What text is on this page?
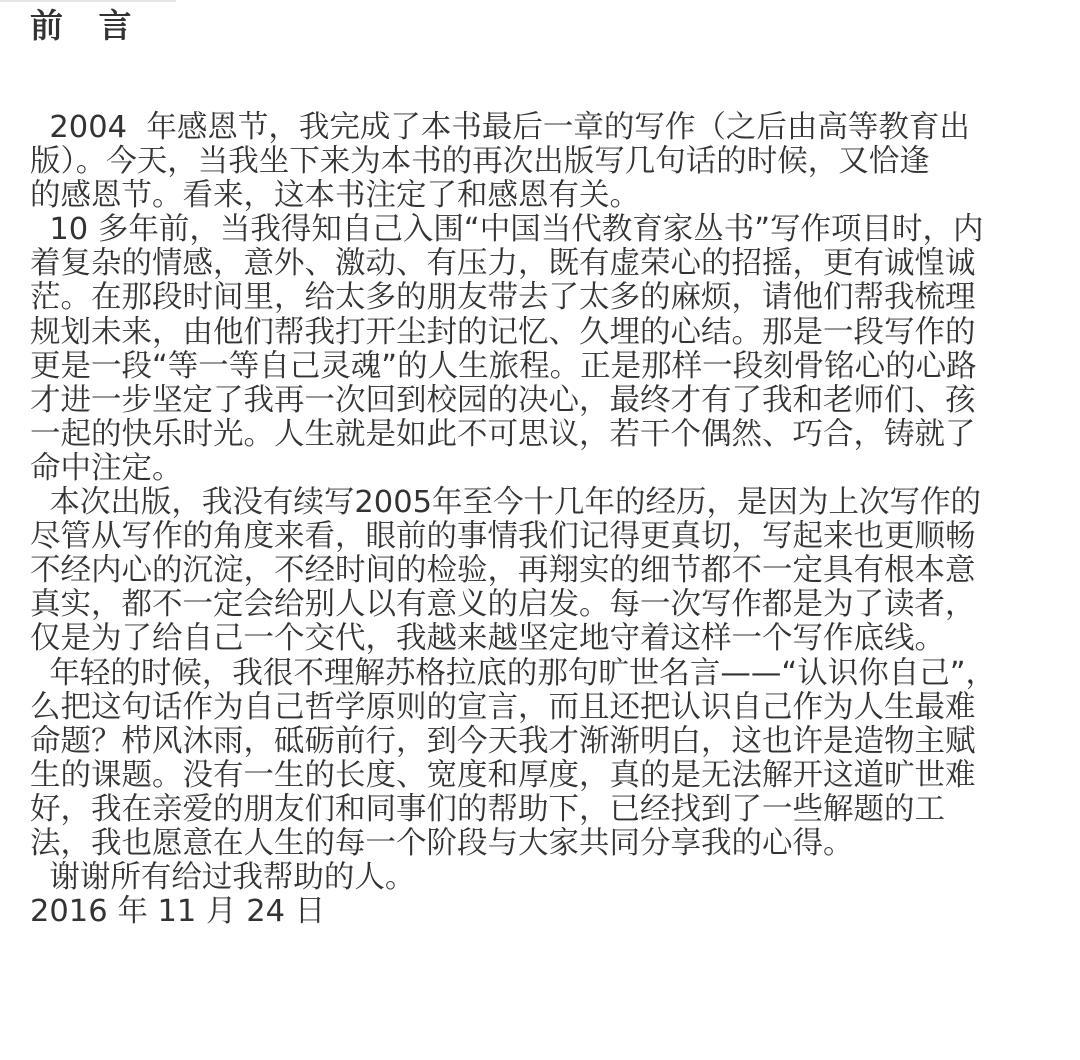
前 言
2004  年感恩节，我完成了本书最后一章的写作（之后由高等教育出
版）。今天，当我坐下来为本书的再次出版写几句话的时候，又恰逢
的感恩节。看来，这本书注定了和感恩有关。
10 多年前，当我得知自己入围“中国当代教育家丛书”写作项目时，内
着复杂的情感，意外、激动、有压力，既有虚荣心的招摇，更有诚惶诚
茫。在那段时间里，给太多的朋友带去了太多的麻烦，请他们帮我梳理
规划未来，由他们帮我打开尘封的记忆、久埋的心结。那是一段写作的
更是一段“等一等自己灵魂”的人生旅程。正是那样一段刻骨铭心的心路
才进一步坚定了我再一次回到校园的决心，最终才有了我和老师们、孩
一起的快乐时光。人生就是如此不可思议，若干个偶然、巧合，铸就了
命中注定。
本次出版，我没有续写2005年至今十几年的经历，是因为上次写作的
尽管从写作的角度来看，眼前的事情我们记得更真切，写起来也更顺畅
不经内心的沉淀，不经时间的检验，再翔实的细节都不一定具有根本意
真实，都不一定会给别人以有意义的启发。每一次写作都是为了读者，
仅是为了给自己一个交代，我越来越坚定地守着这样一个写作底线。
年轻的时候，我很不理解苏格拉底的那句旷世名言——“认识你自己”，
么把这句话作为自己哲学原则的宣言，而且还把认识自己作为人生最难
命题？栉风沐雨，砥砺前行，到今天我才渐渐明白，这也许是造物主赋
生的课题。没有一生的长度、宽度和厚度，真的是无法解开这道旷世难
好，我在亲爱的朋友们和同事们的帮助下，已经找到了一些解题的工
法，我也愿意在人生的每一个阶段与大家共同分享我的心得。
谢谢所有给过我帮助的人。
2016 年 11 月 24 日
